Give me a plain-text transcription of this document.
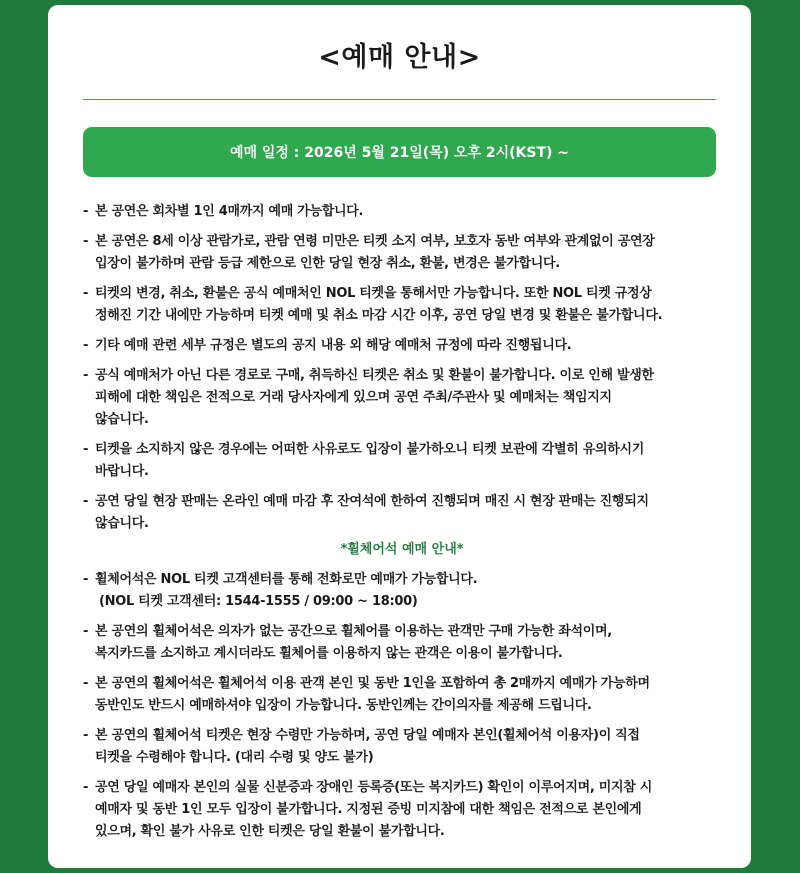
<예매 안내>
예매 일정 : 2026년 5월 21일(목) 오후 2시(KST) ~
- 본 공연은 회차별 1인 4매까지 예매 가능합니다.
- 본 공연은 8세 이상 관람가로, 관람 연령 미만은 티켓 소지 여부, 보호자 동반 여부와 관계없이 공연장
입장이 불가하며 관람 등급 제한으로 인한 당일 현장 취소, 환불, 변경은 불가합니다.
- 티켓의 변경, 취소, 환불은 공식 예매처인 NOL 티켓을 통해서만 가능합니다. 또한 NOL 티켓 규정상
정해진 기간 내에만 가능하며 티켓 예매 및 취소 마감 시간 이후, 공연 당일 변경 및 환불은 불가합니다.
- 기타 예매 관련 세부 규정은 별도의 공지 내용 외 해당 예매처 규정에 따라 진행됩니다.
- 공식 예매처가 아닌 다른 경로로 구매, 취득하신 티켓은 취소 및 환불이 불가합니다. 이로 인해 발생한
피해에 대한 책임은 전적으로 거래 당사자에게 있으며 공연 주최/주관사 및 예매처는 책임지지
않습니다.
- 티켓을 소지하지 않은 경우에는 어떠한 사유로도 입장이 불가하오니 티켓 보관에 각별히 유의하시기
바랍니다.
- 공연 당일 현장 판매는 온라인 예매 마감 후 잔여석에 한하여 진행되며 매진 시 현장 판매는 진행되지
않습니다.
*휠체어석 예매 안내*
- 휠체어석은 NOL 티켓 고객센터를 통해 전화로만 예매가 가능합니다.
(NOL 티켓 고객센터: 1544-1555 / 09:00 ~ 18:00)
- 본 공연의 휠체어석은 의자가 없는 공간으로 휠체어를 이용하는 관객만 구매 가능한 좌석이며,
복지카드를 소지하고 계시더라도 휠체어를 이용하지 않는 관객은 이용이 불가합니다.
- 본 공연의 휠체어석은 휠체어석 이용 관객 본인 및 동반 1인을 포함하여 총 2매까지 예매가 가능하며
동반인도 반드시 예매하셔야 입장이 가능합니다. 동반인께는 간이의자를 제공해 드립니다.
- 본 공연의 휠체어석 티켓은 현장 수령만 가능하며, 공연 당일 예매자 본인(휠체어석 이용자)이 직접
티켓을 수령해야 합니다. (대리 수령 및 양도 불가)
- 공연 당일 예매자 본인의 실물 신분증과 장애인 등록증(또는 복지카드) 확인이 이루어지며, 미지참 시
예매자 및 동반 1인 모두 입장이 불가합니다. 지정된 증빙 미지참에 대한 책임은 전적으로 본인에게
있으며, 확인 불가 사유로 인한 티켓은 당일 환불이 불가합니다.
